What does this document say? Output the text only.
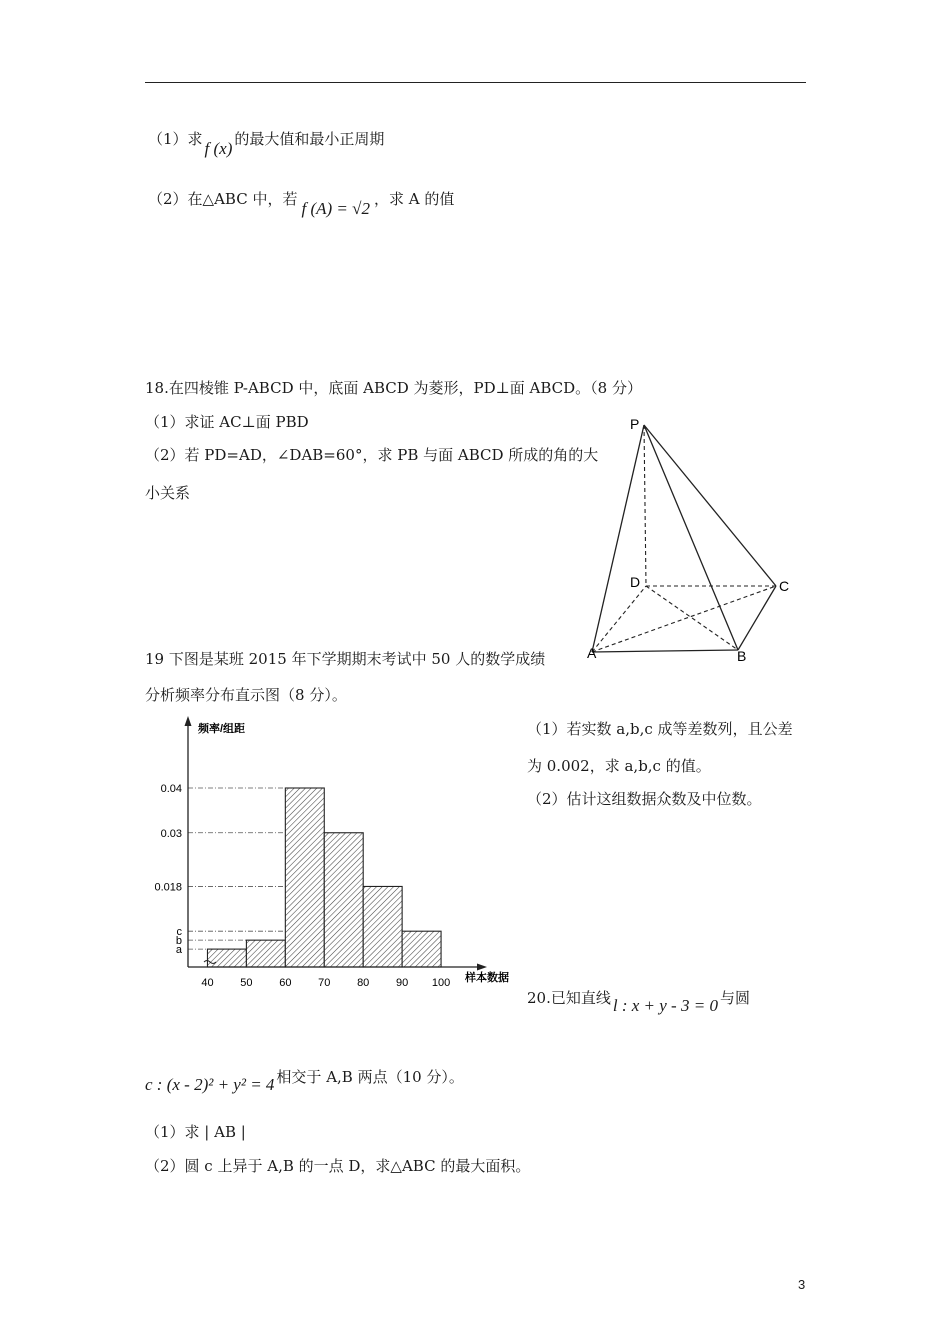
（1）求 f (x) 的最大值和最小正周期
（2）在△ABC 中，若 f (A) = √2 ，求 A 的值
18.在四棱锥 P-ABCD 中，底面 ABCD 为菱形，PD⊥面 ABCD。（8 分）
（1）求证 AC⊥面 PBD
（2）若 PD=AD，∠DAB=60°，求 PB 与面 ABCD 所成的角的大
小关系
P
D	C
A	B
19 下图是某班 2015 年下学期期末考试中 50 人的数学成绩
分析频率分布直示图（8 分）。
（1）若实数 a,b,c 成等差数列，且公差
为 0.002，求 a,b,c 的值。
（2）估计这组数据众数及中位数。
频率/组距
样本数据
a
b
0.04
0.03
0.018
c
40 50 60 70 80 90 100
20.已知直线 l : x + y - 3 = 0 与圆
c : (x - 2)² + y² = 4 相交于 A,B 两点（10 分）。
（1）求 | AB |
（2）圆 c 上异于 A,B 的一点 D，求△ABC 的最大面积。
3
